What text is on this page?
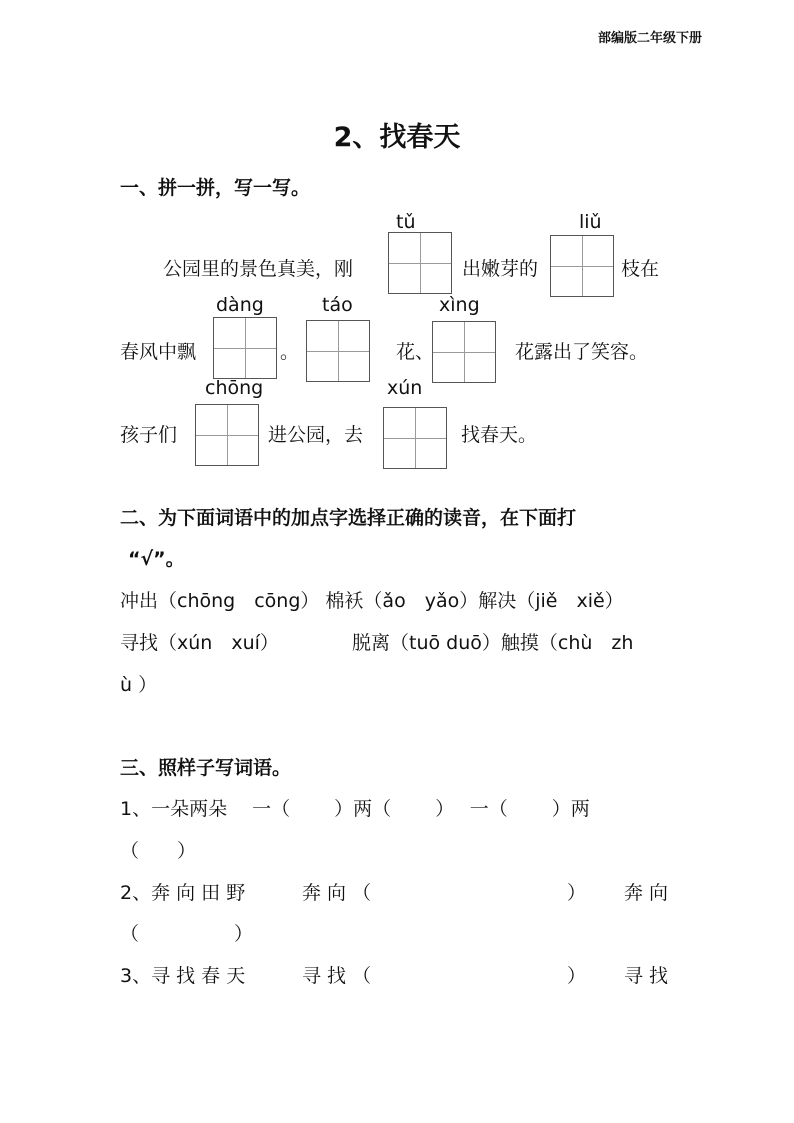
部编版二年级下册
2、找春天
一、拼一拼，写一写。
tǔ	liǔ
公园里的景色真美，刚	出嫩芽的	枝在
dàng	táo	xìng
春风中飘	。	花、	花露出了笑容。
chōng	xún
孩子们	进公园，去	找春天。
二、为下面词语中的加点字选择正确的读音，在下面打
“√”。
冲出（chōng　cōng） 棉袄（ǎo　yǎo）解决（jiě　xiě）
寻找（xún　xuí）	脱离（tuō duō）触摸（chù　zh
ù ）
三、照样子写词语。
1、一朵两朵　 一（　　 ）两（　　 ）　 一（　　 ）两
（　　）
2、奔 向 田 野	奔 向 （	） 奔 向
（　　　　　）
3、寻 找 春 天	寻 找 （	） 寻 找
